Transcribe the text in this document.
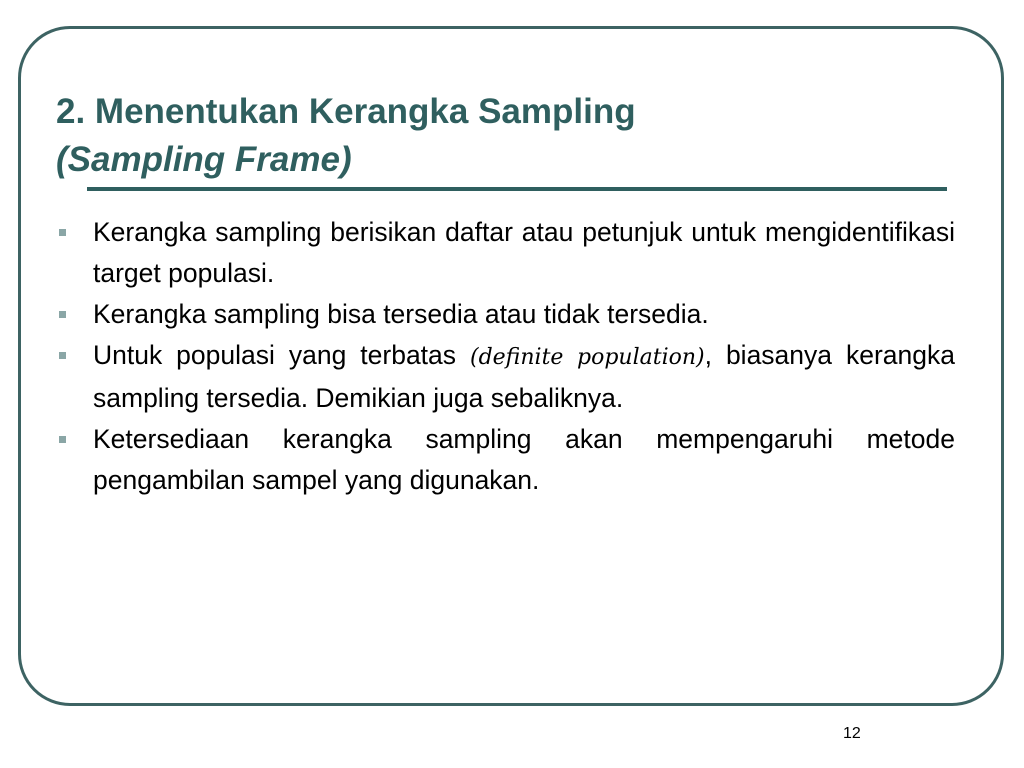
2. Menentukan Kerangka Sampling
(Sampling Frame)
Kerangka sampling berisikan daftar atau petunjuk untuk mengidentifikasi target populasi.
Kerangka sampling bisa tersedia atau tidak tersedia.
Untuk populasi yang terbatas (definite population), biasanya kerangka sampling tersedia. Demikian juga sebaliknya.
Ketersediaan kerangka sampling akan mempengaruhi metode pengambilan sampel yang digunakan.
12
